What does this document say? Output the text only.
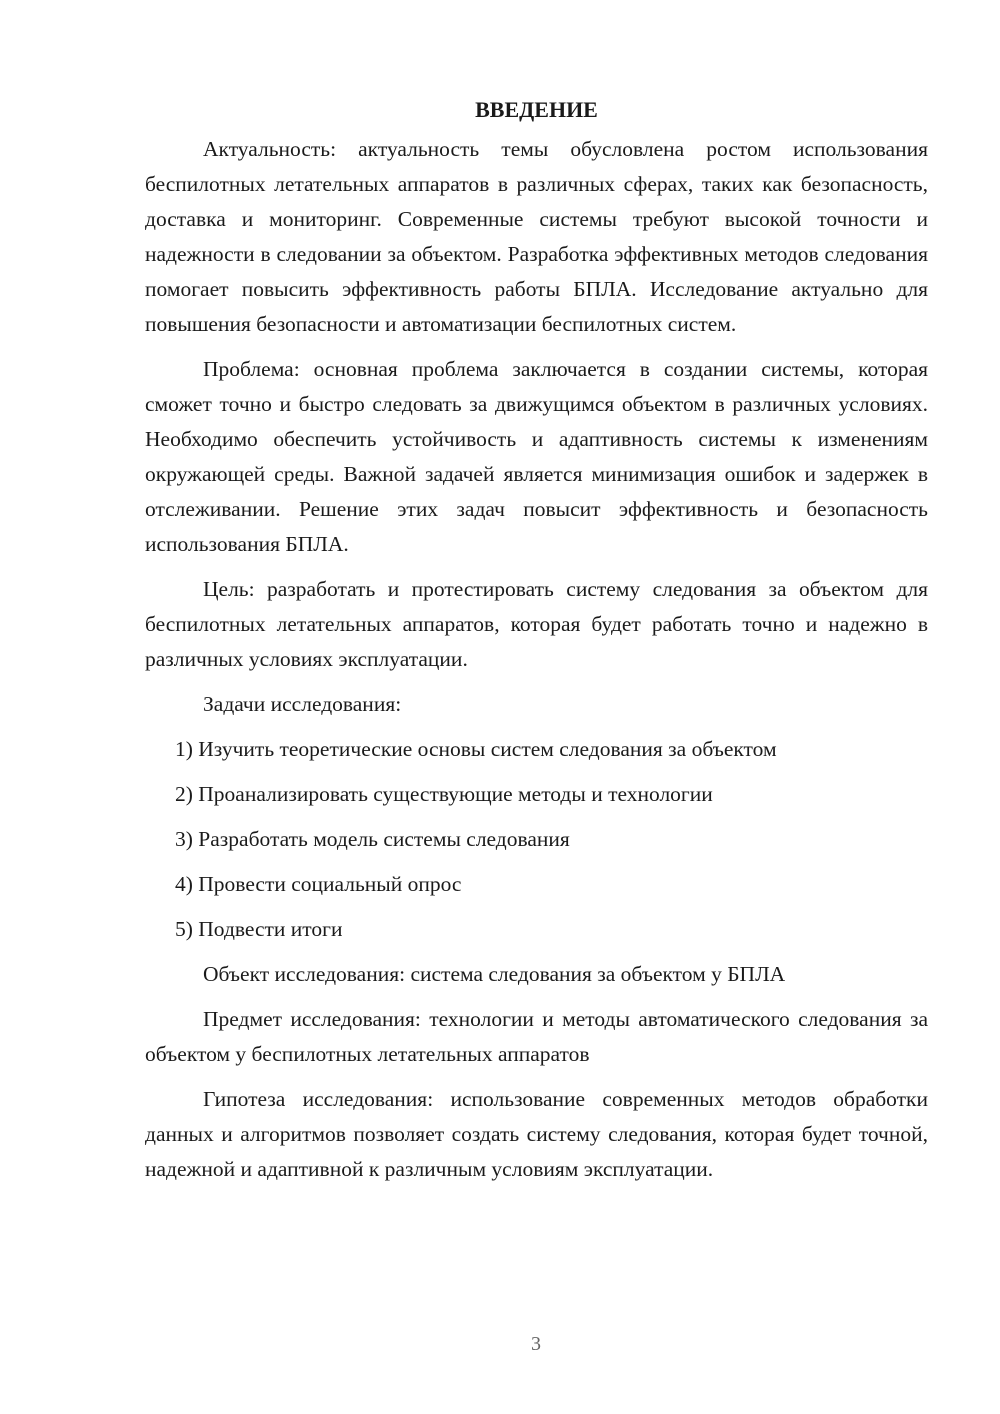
ВВЕДЕНИЕ

Актуальность: актуальность темы обусловлена ростом использования беспилотных летательных аппаратов в различных сферах, таких как безопасность, доставка и мониторинг. Современные системы требуют высокой точности и надежности в следовании за объектом. Разработка эффективных методов следования помогает повысить эффективность работы БПЛА. Исследование актуально для повышения безопасности и автоматизации беспилотных систем.

Проблема: основная проблема заключается в создании системы, которая сможет точно и быстро следовать за движущимся объектом в различных условиях. Необходимо обеспечить устойчивость и адаптивность системы к изменениям окружающей среды. Важной задачей является минимизация ошибок и задержек в отслеживании. Решение этих задач повысит эффективность и безопасность использования БПЛА.

Цель: разработать и протестировать систему следования за объектом для беспилотных летательных аппаратов, которая будет работать точно и надежно в различных условиях эксплуатации.

Задачи исследования:

1) Изучить теоретические основы систем следования за объектом
2) Проанализировать существующие методы и технологии
3) Разработать модель системы следования
4) Провести социальный опрос
5) Подвести итоги

Объект исследования: система следования за объектом у БПЛА

Предмет исследования: технологии и методы автоматического следования за объектом у беспилотных летательных аппаратов

Гипотеза исследования: использование современных методов обработки данных и алгоритмов позволяет создать систему следования, которая будет точной, надежной и адаптивной к различным условиям эксплуатации.

3
